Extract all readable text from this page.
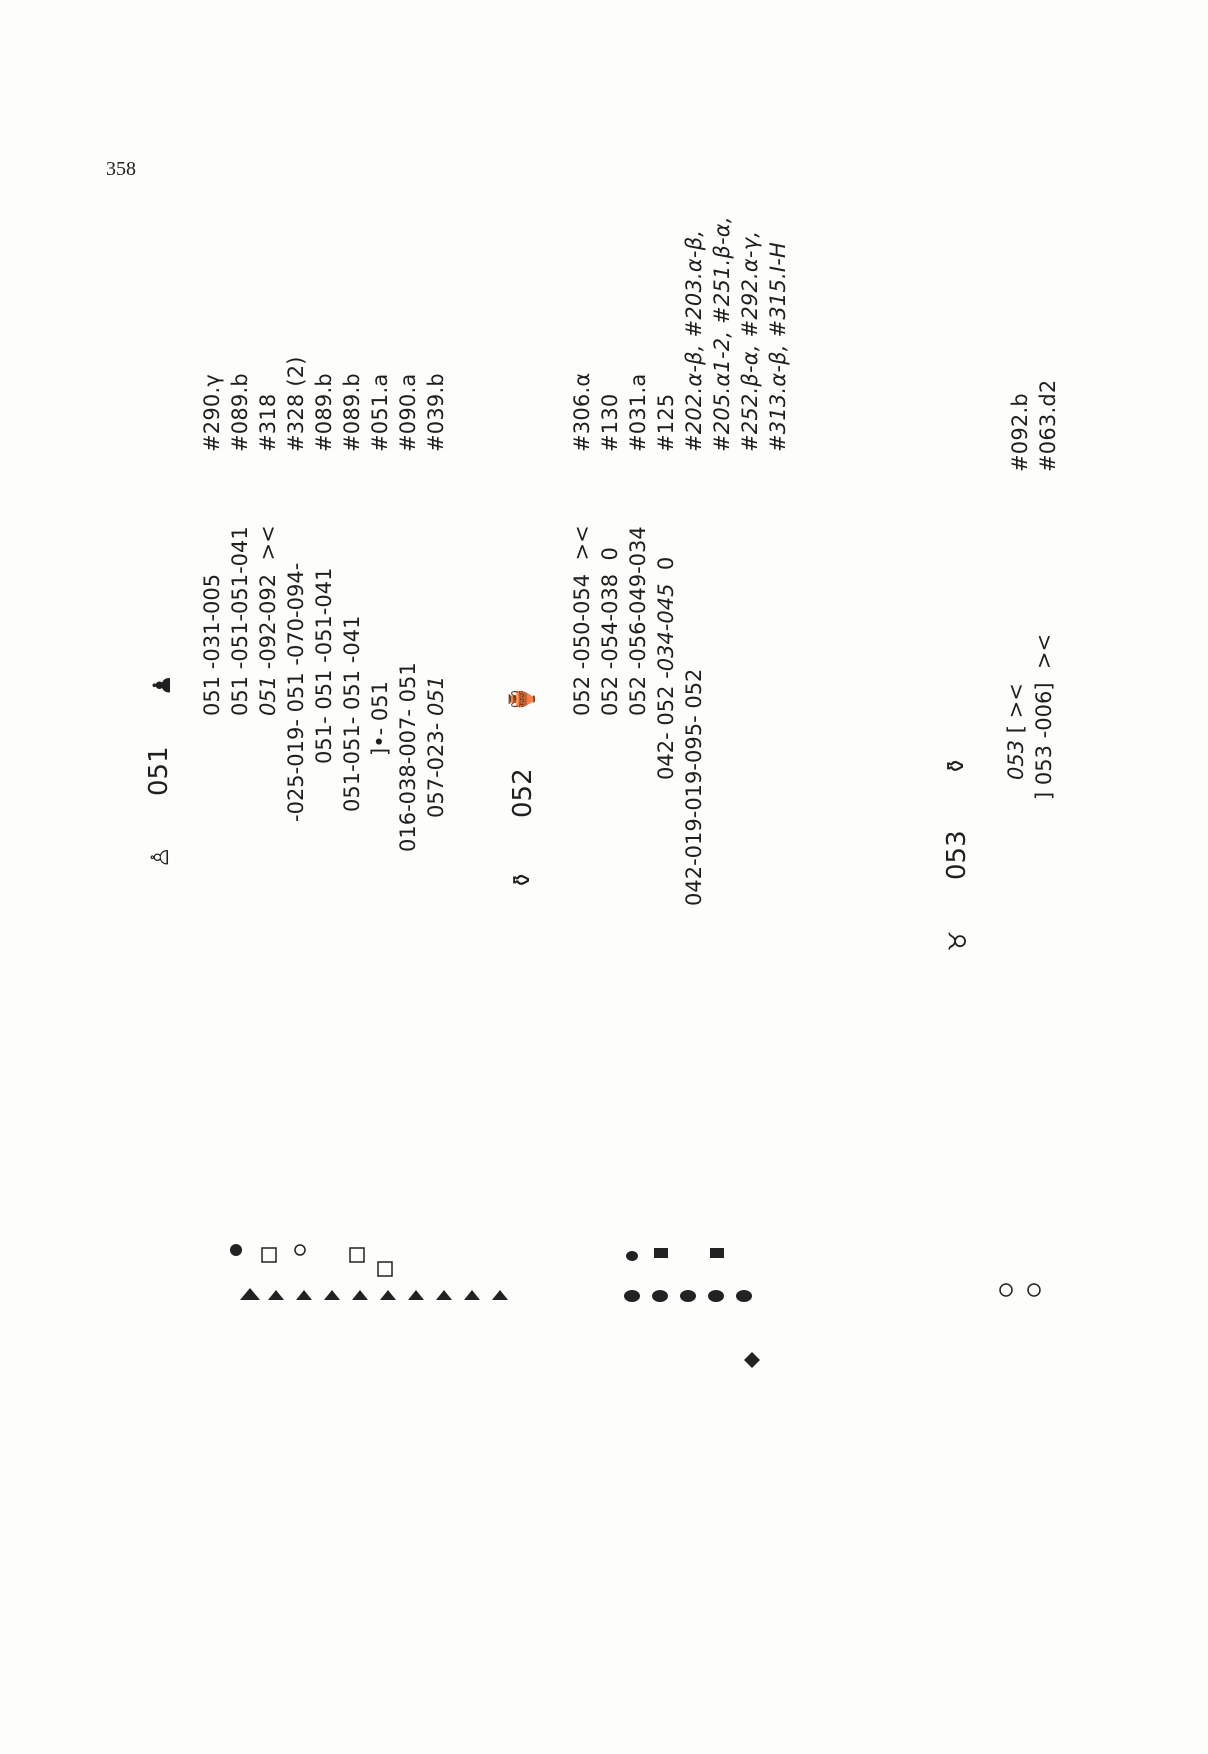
358
♙
051
♟ 051 -031-005
051 -051-051-041
051 -092-092  ><
-025-019- 051 -070-094-
051- 051 -051-041
051-051- 051 -041
]•- 051
016-038-007- 051
057-023- 051
#290.γ #089.b #318 #328 (2) #089.b #089.b #051.a #090.a #039.b
⚱
052
🏺 052 -050-054  ><
052 -054-038  0
052 -056-049-034
042- 052 -034-045  0
042-019-019-095- 052
#306.α #130 #031.a #125 #202.α-β, #203.α-β, #205.α1-2, #251.β-α, #252.β-α, #292.α-γ, #313.α-β, #315.I-H
♉
053
⚱ 053 [ ><
] 053 -006]  ><
#092.b #063.d2
